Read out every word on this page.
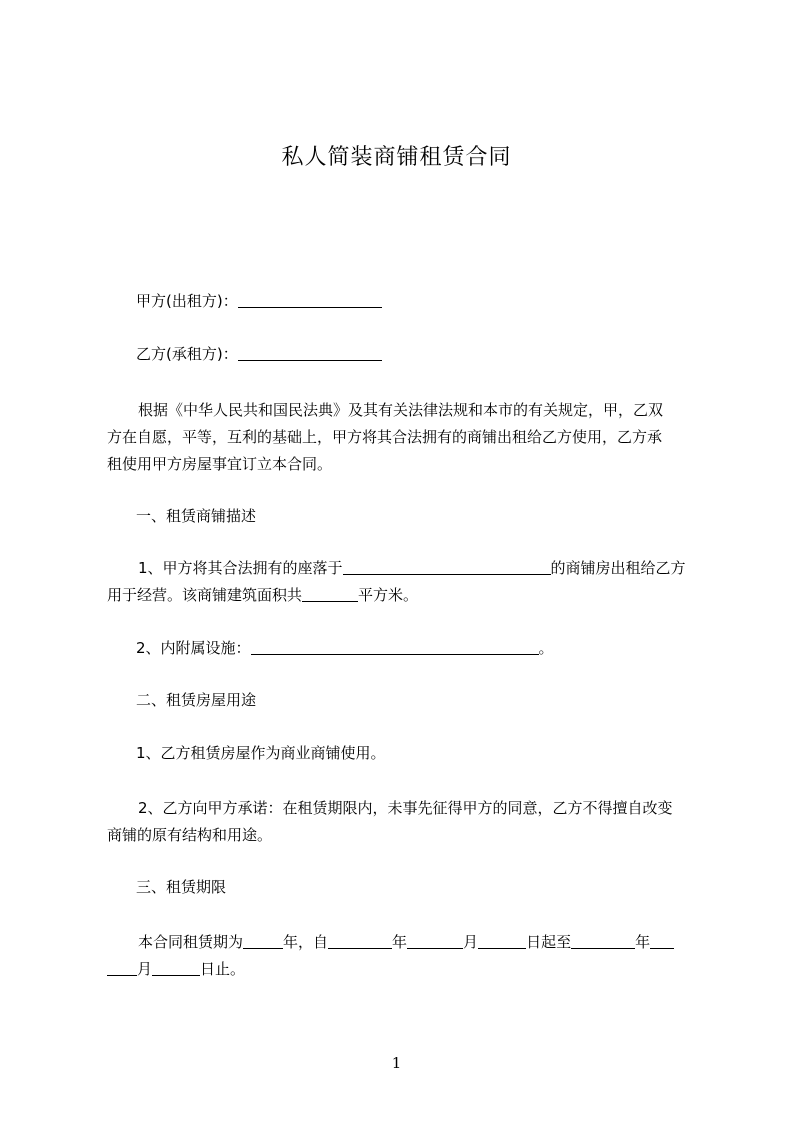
私人简装商铺租赁合同
甲方(出租方)：
乙方(承租方)：
根据《中华人民共和国民法典》及其有关法律法规和本市的有关规定，甲，乙双
方在自愿，平等，互利的基础上，甲方将其合法拥有的商铺出租给乙方使用，乙方承
租使用甲方房屋事宜订立本合同。
一、租赁商铺描述
1、甲方将其合法拥有的座落于	的商铺房出租给乙方
用于经营。该商铺建筑面积共	平方米。
2、内附属设施：	。
二、租赁房屋用途
1、乙方租赁房屋作为商业商铺使用。
2、乙方向甲方承诺：在租赁期限内，未事先征得甲方的同意，乙方不得擅自改变
商铺的原有结构和用途。
三、租赁期限
本合同租赁期为	年，自	年	月	日起至	年
月	日止。
1
